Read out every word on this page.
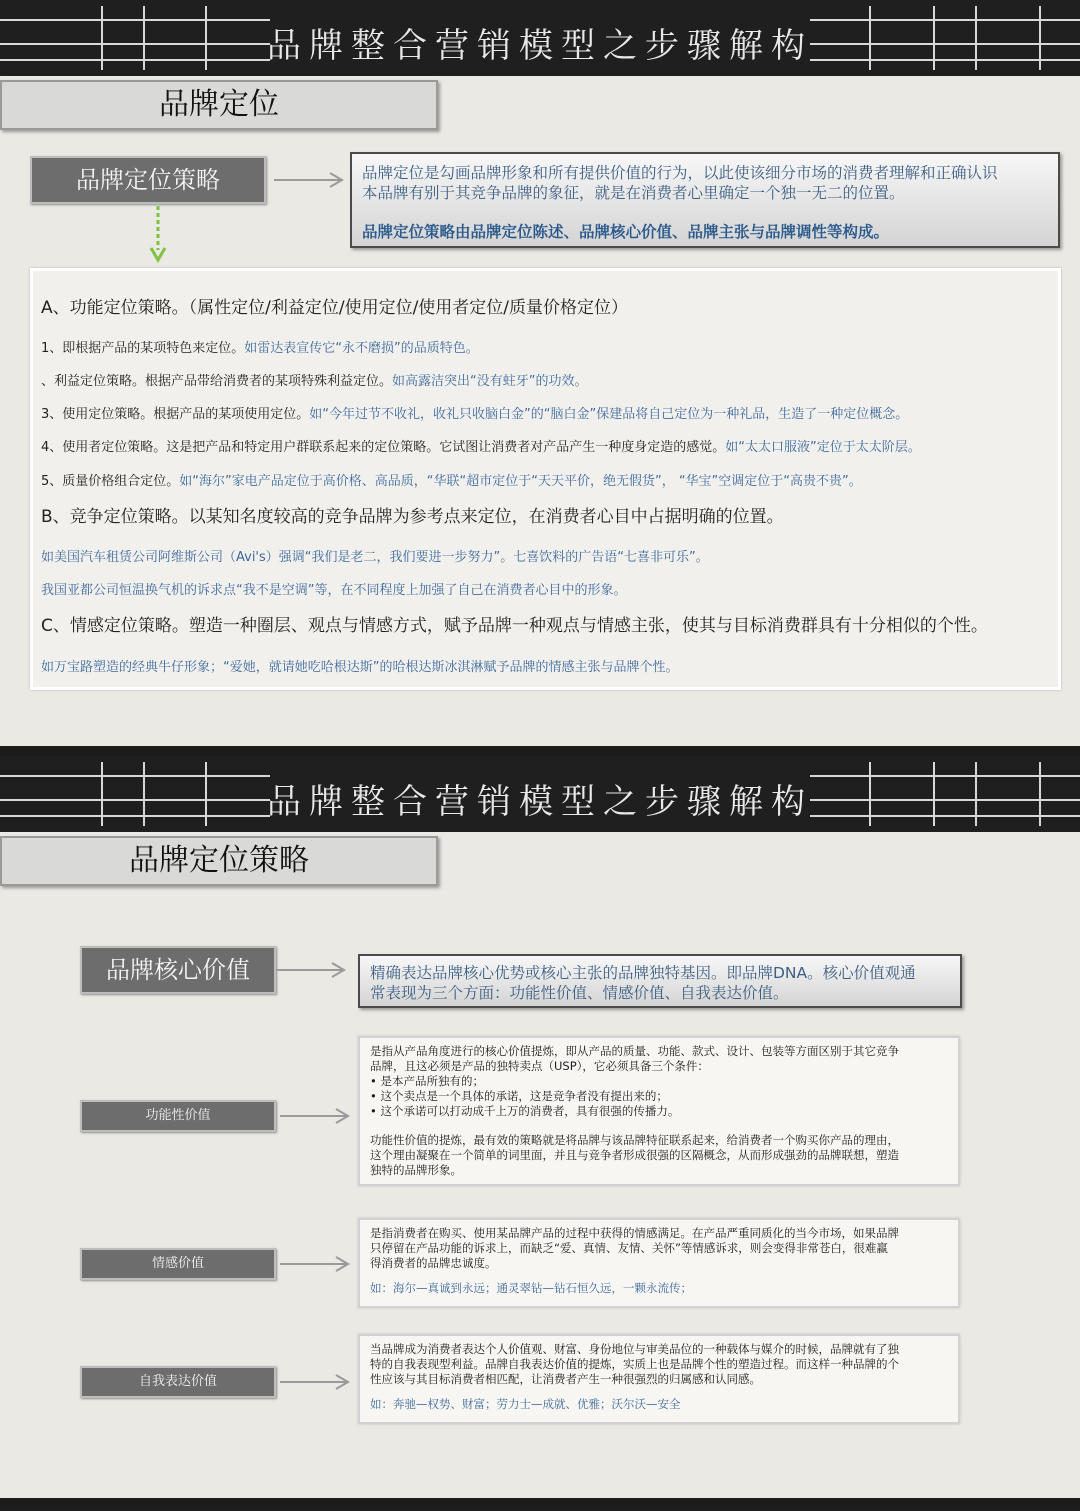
品牌整合营销模型之步骤解构
品牌定位
品牌定位策略	品牌定位是勾画品牌形象和所有提供价值的行为，以此使该细分市场的消费者理解和正确认识
本品牌有别于其竞争品牌的象征，就是在消费者心里确定一个独一无二的位置。
品牌定位策略由品牌定位陈述、品牌核心价值、品牌主张与品牌调性等构成。
A、功能定位策略。（属性定位/利益定位/使用定位/使用者定位/质量价格定位）
1、即根据产品的某项特色来定位。如雷达表宣传它“永不磨损”的品质特色。
、利益定位策略。根据产品带给消费者的某项特殊利益定位。如高露洁突出“没有蛀牙”的功效。
3、使用定位策略。根据产品的某项使用定位。如“今年过节不收礼，收礼只收脑白金”的“脑白金”保建品将自己定位为一种礼品，生造了一种定位概念。
4、使用者定位策略。这是把产品和特定用户群联系起来的定位策略。它试图让消费者对产品产生一种度身定造的感觉。如“太太口服液”定位于太太阶层。
5、质量价格组合定位。如“海尔”家电产品定位于高价格、高品质，“华联“超市定位于“天天平价，绝无假货”， “华宝”空调定位于“高贵不贵”。
B、竞争定位策略。以某知名度较高的竞争品牌为参考点来定位，在消费者心目中占据明确的位置。
如美国汽车租赁公司阿维斯公司（Avi's）强调“我们是老二，我们要进一步努力”。七喜饮料的广告语“七喜非可乐”。
我国亚都公司恒温换气机的诉求点“我不是空调”等，在不同程度上加强了自己在消费者心目中的形象。
C、情感定位策略。塑造一种圈层、观点与情感方式，赋予品牌一种观点与情感主张，使其与目标消费群具有十分相似的个性。
如万宝路塑造的经典牛仔形象；“爱她，就请她吃哈根达斯”的哈根达斯冰淇淋赋予品牌的情感主张与品牌个性。
品牌整合营销模型之步骤解构
品牌定位策略
品牌核心价值	精确表达品牌核心优势或核心主张的品牌独特基因。即品牌DNA。核心价值观通
常表现为三个方面：功能性价值、情感价值、自我表达价值。
功能性价值

是指从产品角度进行的核心价值提炼，即从产品的质量、功能、款式、设计、包装等方面区别于其它竞争

品牌，且这必须是产品的独特卖点（USP），它必须具备三个条件：

• 是本产品所独有的；

• 这个卖点是一个具体的承诺，这是竞争者没有提出来的；

• 这个承诺可以打动成千上万的消费者，具有很强的传播力。

功能性价值的提炼，最有效的策略就是将品牌与该品牌特征联系起来，给消费者一个购买你产品的理由，

这个理由凝聚在一个简单的词里面，并且与竞争者形成很强的区隔概念，从而形成强劲的品牌联想，塑造

独特的品牌形象。

情感价值

是指消费者在购买、使用某品牌产品的过程中获得的情感满足。在产品严重同质化的当今市场，如果品牌

只停留在产品功能的诉求上，而缺乏“爱、真情、友情、关怀”等情感诉求，则会变得非常苍白，很难赢

得消费者的品牌忠诚度。

如：海尔—真诚到永远；通灵翠钻—钻石恒久远，一颗永流传；

自我表达价值

当品牌成为消费者表达个人价值观、财富、身份地位与审美品位的一种载体与媒介的时候，品牌就有了独

特的自我表现型利益。品牌自我表达价值的提炼，实质上也是品牌个性的塑造过程。而这样一种品牌的个

性应该与其目标消费者相匹配，让消费者产生一种很强烈的归属感和认同感。

如：奔驰—权势、财富；劳力士—成就、优雅；沃尔沃—安全
